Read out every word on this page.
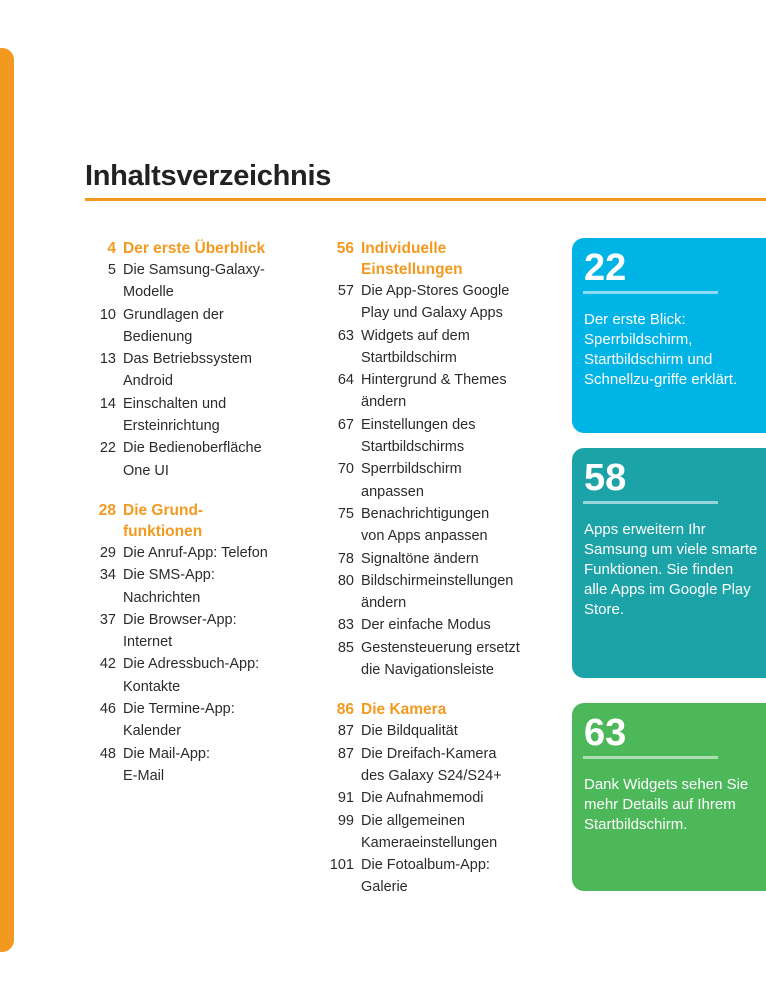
Inhaltsverzeichnis
4 Der erste Überblick
5 Die Samsung-Galaxy-
Modelle
10 Grundlagen der
Bedienung
13 Das Betriebssystem
Android
14 Einschalten und
Ersteinrichtung
22 Die Bedienoberfläche
One UI
28 Die Grund-
funktionen
29 Die Anruf-App: Telefon
34 Die SMS-App:
Nachrichten
37 Die Browser-App:
Internet
42 Die Adressbuch-App:
Kontakte
46 Die Termine-App:
Kalender
48 Die Mail-App:
E-Mail
56 Individuelle
Einstellungen
57 Die App-Stores Google
Play und Galaxy Apps
63 Widgets auf dem
Startbildschirm
64 Hintergrund & Themes
ändern
67 Einstellungen des
Startbildschirms
70 Sperrbildschirm
anpassen
75 Benachrichtigungen
von Apps anpassen
78 Signaltöne ändern
80 Bildschirmeinstellungen
ändern
83 Der einfache Modus
85 Gestensteuerung ersetzt
die Navigationsleiste
86 Die Kamera
87 Die Bildqualität
87 Die Dreifach-Kamera
des Galaxy S24/S24+
91 Die Aufnahmemodi
99 Die allgemeinen
Kameraeinstellungen
101 Die Fotoalbum-App:
Galerie
22
Der erste Blick: Sperrbildschirm, Startbildschirm und Schnellzu-griffe erklärt.
58
Apps erweitern Ihr Samsung um viele smarte Funktionen. Sie finden alle Apps im Google Play Store.
63
Dank Widgets sehen Sie mehr Details auf Ihrem Startbildschirm.
